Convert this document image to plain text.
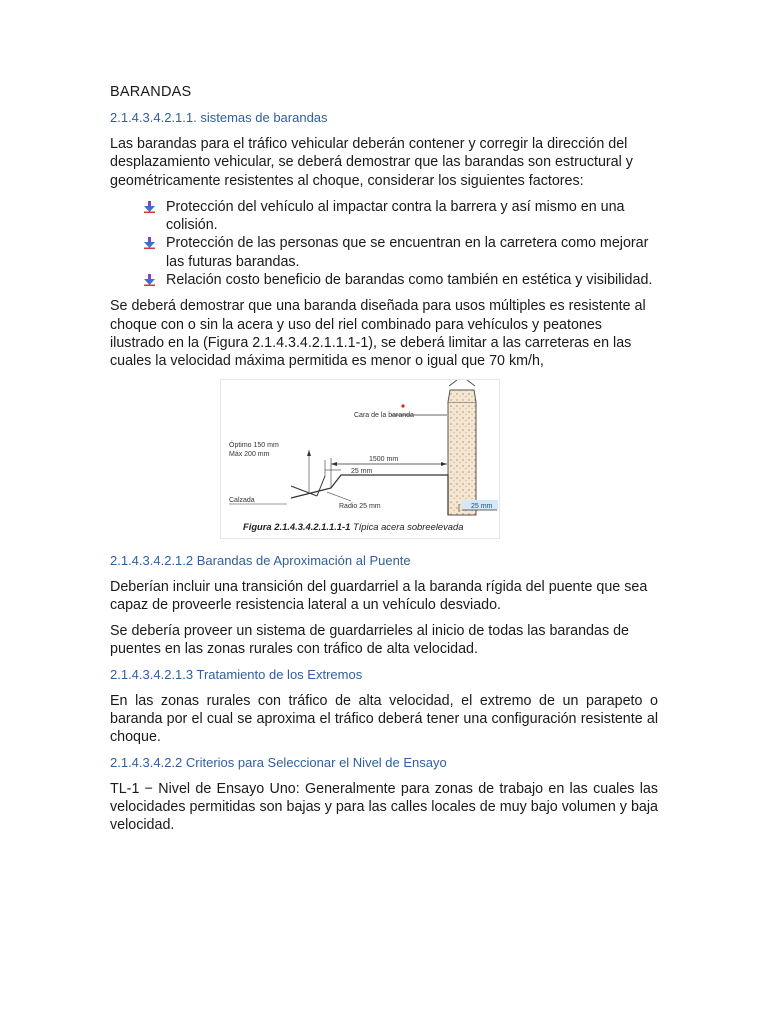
BARANDAS
2.1.4.3.4.2.1.1. sistemas de barandas
Las barandas para el tráfico vehicular deberán contener y corregir la dirección del desplazamiento vehicular, se deberá demostrar que las barandas son estructural y geométricamente resistentes al choque, considerar los siguientes factores:
Protección del vehículo al impactar contra la barrera y así mismo en una colisión.
Protección de las personas que se encuentran en la carretera como mejorar las futuras barandas.
Relación costo beneficio de barandas como también en estética y visibilidad.
Se deberá demostrar que una baranda diseñada para usos múltiples es resistente al choque con o sin la acera y uso del riel combinado para vehículos y peatones ilustrado en la (Figura 2.1.4.3.4.2.1.1.1-1), se deberá limitar a las carreteras en las cuales la velocidad máxima permitida es menor o igual que 70 km/h,
Cara de la baranda
1500 mm
25 mm
Óptimo 150 mm
Máx 200 mm
Calzada
Radio 25 mm	25 mm
Figura 2.1.4.3.4.2.1.1.1-1 Típica acera sobreelevada
2.1.4.3.4.2.1.2 Barandas de Aproximación al Puente
Deberían incluir una transición del guardarriel a la baranda rígida del puente que sea capaz de proveerle resistencia lateral a un vehículo desviado.
Se debería proveer un sistema de guardarrieles al inicio de todas las barandas de puentes en las zonas rurales con tráfico de alta velocidad.
2.1.4.3.4.2.1.3 Tratamiento de los Extremos
En las zonas rurales con tráfico de alta velocidad, el extremo de un parapeto o baranda por el cual se aproxima el tráfico deberá tener una configuración resistente al choque.
2.1.4.3.4.2.2 Criterios para Seleccionar el Nivel de Ensayo
TL-1 − Nivel de Ensayo Uno: Generalmente para zonas de trabajo en las cuales las velocidades permitidas son bajas y para las calles locales de muy bajo volumen y baja velocidad.
